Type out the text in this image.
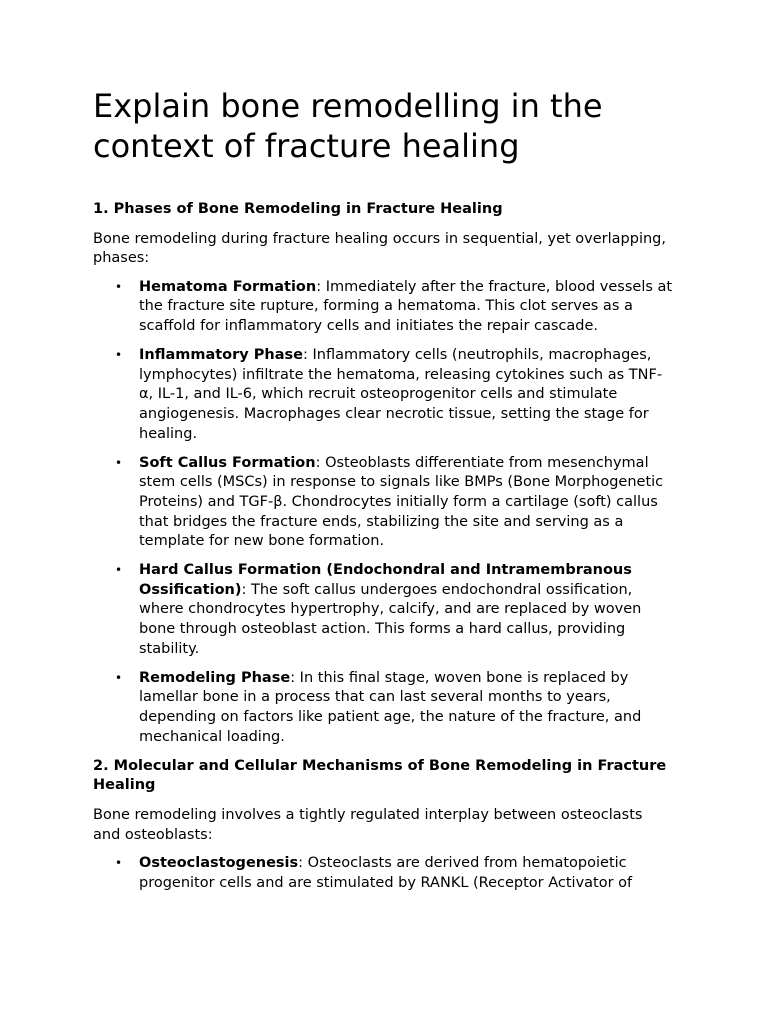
Explain bone remodelling in the context of fracture healing
1. Phases of Bone Remodeling in Fracture Healing

Bone remodeling during fracture healing occurs in sequential, yet overlapping, phases:

• Hematoma Formation: Immediately after the fracture, blood vessels at the fracture site rupture, forming a hematoma. This clot serves as a scaffold for inflammatory cells and initiates the repair cascade.
• Inflammatory Phase: Inflammatory cells (neutrophils, macrophages, lymphocytes) infiltrate the hematoma, releasing cytokines such as TNF-α, IL-1, and IL-6, which recruit osteoprogenitor cells and stimulate angiogenesis. Macrophages clear necrotic tissue, setting the stage for healing.
• Soft Callus Formation: Osteoblasts differentiate from mesenchymal stem cells (MSCs) in response to signals like BMPs (Bone Morphogenetic Proteins) and TGF-β. Chondrocytes initially form a cartilage (soft) callus that bridges the fracture ends, stabilizing the site and serving as a template for new bone formation.
• Hard Callus Formation (Endochondral and Intramembranous Ossification): The soft callus undergoes endochondral ossification, where chondrocytes hypertrophy, calcify, and are replaced by woven bone through osteoblast action. This forms a hard callus, providing stability.
• Remodeling Phase: In this final stage, woven bone is replaced by lamellar bone in a process that can last several months to years, depending on factors like patient age, the nature of the fracture, and mechanical loading.
2. Molecular and Cellular Mechanisms of Bone Remodeling in Fracture Healing

Bone remodeling involves a tightly regulated interplay between osteoclasts and osteoblasts:

• Osteoclastogenesis: Osteoclasts are derived from hematopoietic progenitor cells and are stimulated by RANKL (Receptor Activator of
